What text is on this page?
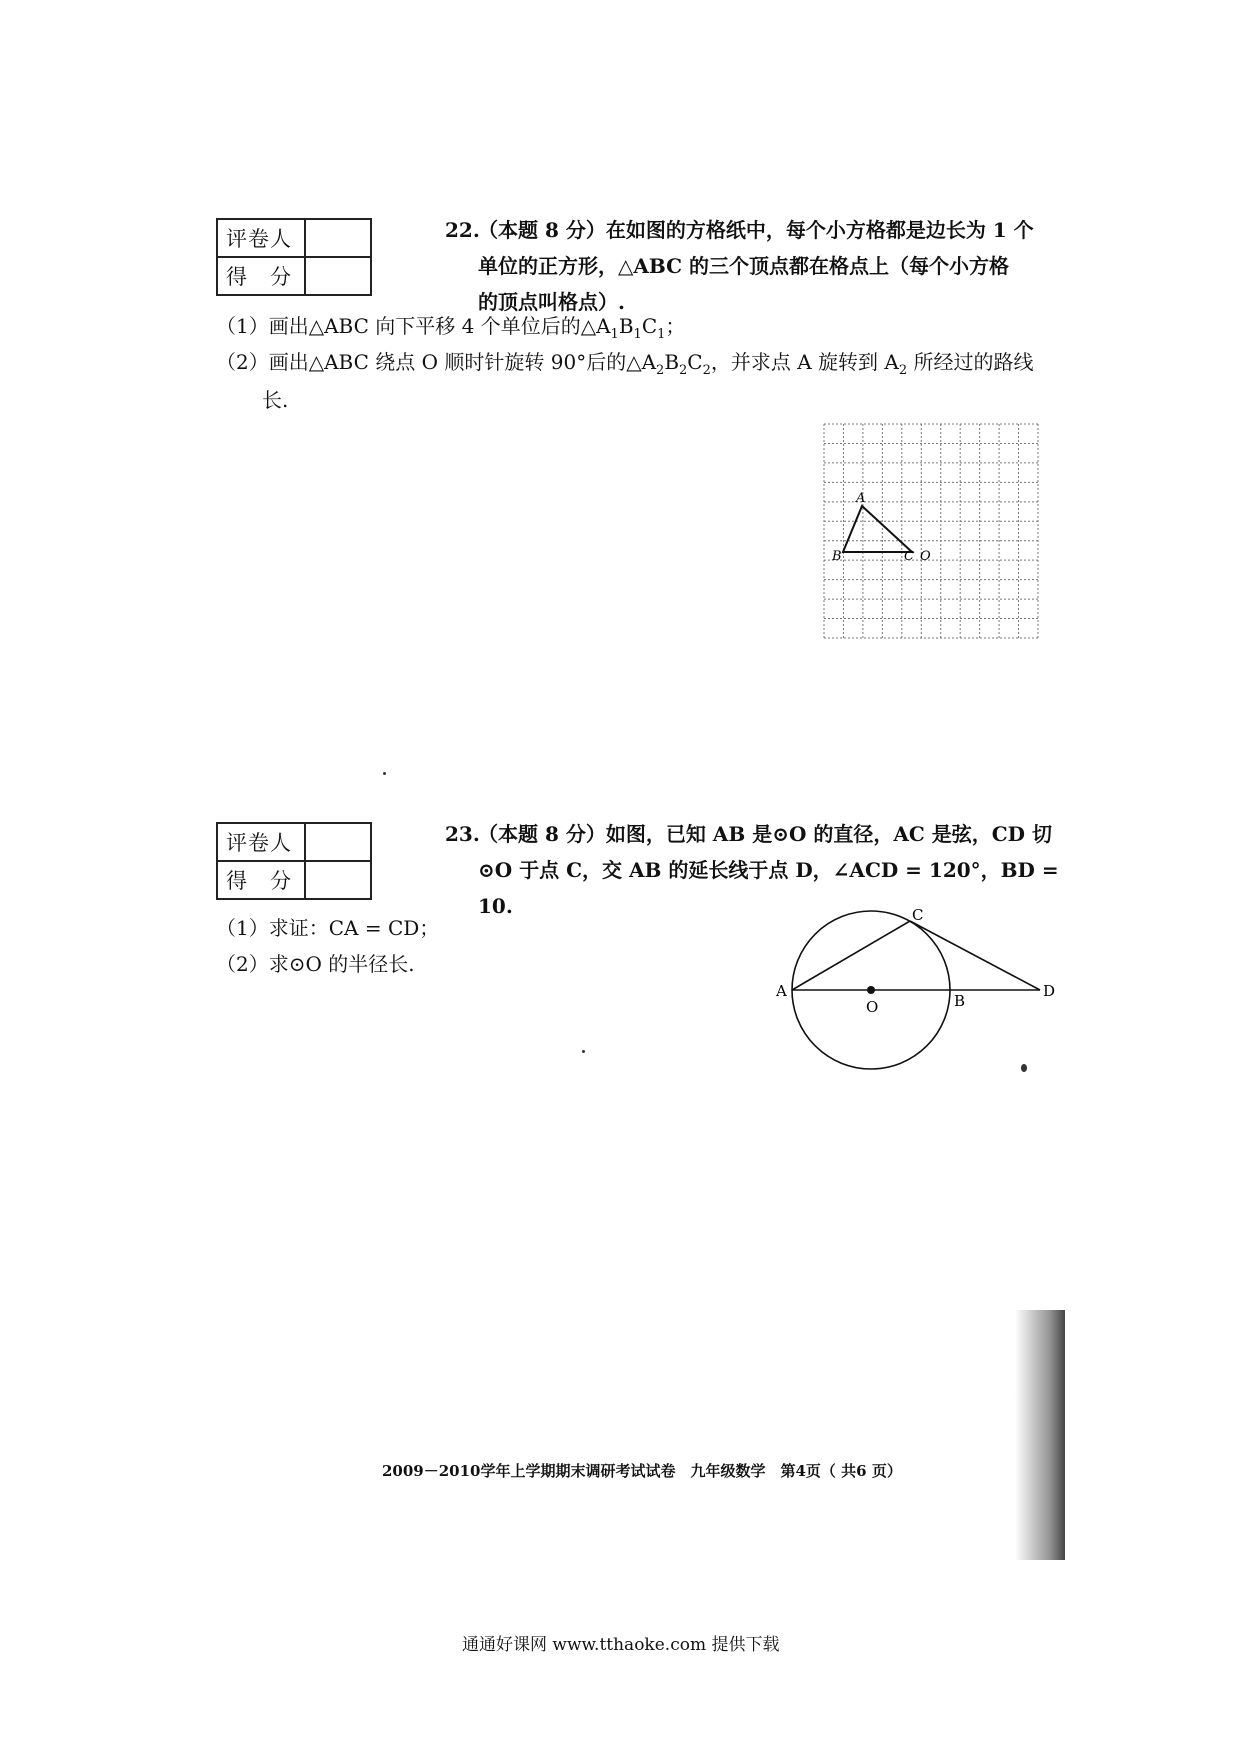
评卷人	
得　分	
22.
（本题 8 分）在如图的方格纸中，每个小方格都是边长为 1 个
单位的正方形，△ABC 的三个顶点都在格点上（每个小方格
的顶点叫格点）.
（1）画出△ABC 向下平移 4 个单位后的$\triangle A_1B_1C_1$；
（2）画出△ABC 绕点 O 顺时针旋转 90°后的$\triangle A_2B_2C_2$，并求点 A 旋转到 $A_2$ 所经过的路线
长.
A
B	C O
评卷人	
得　分	
23.
（本题 8 分）如图，已知 AB 是⊙O 的直径，AC 是弦，CD 切
⊙O 于点 C，交 AB 的延长线于点 D，∠ACD = 120°，BD = 10.
（1）求证：CA = CD；
（2）求⊙O 的半径长.
A
O	B
C
D
2009－2010学年上学期期末调研考试试卷　九年级数学　第4页（ 共6 页）
通通好课网 www.tthaoke.com 提供下载
